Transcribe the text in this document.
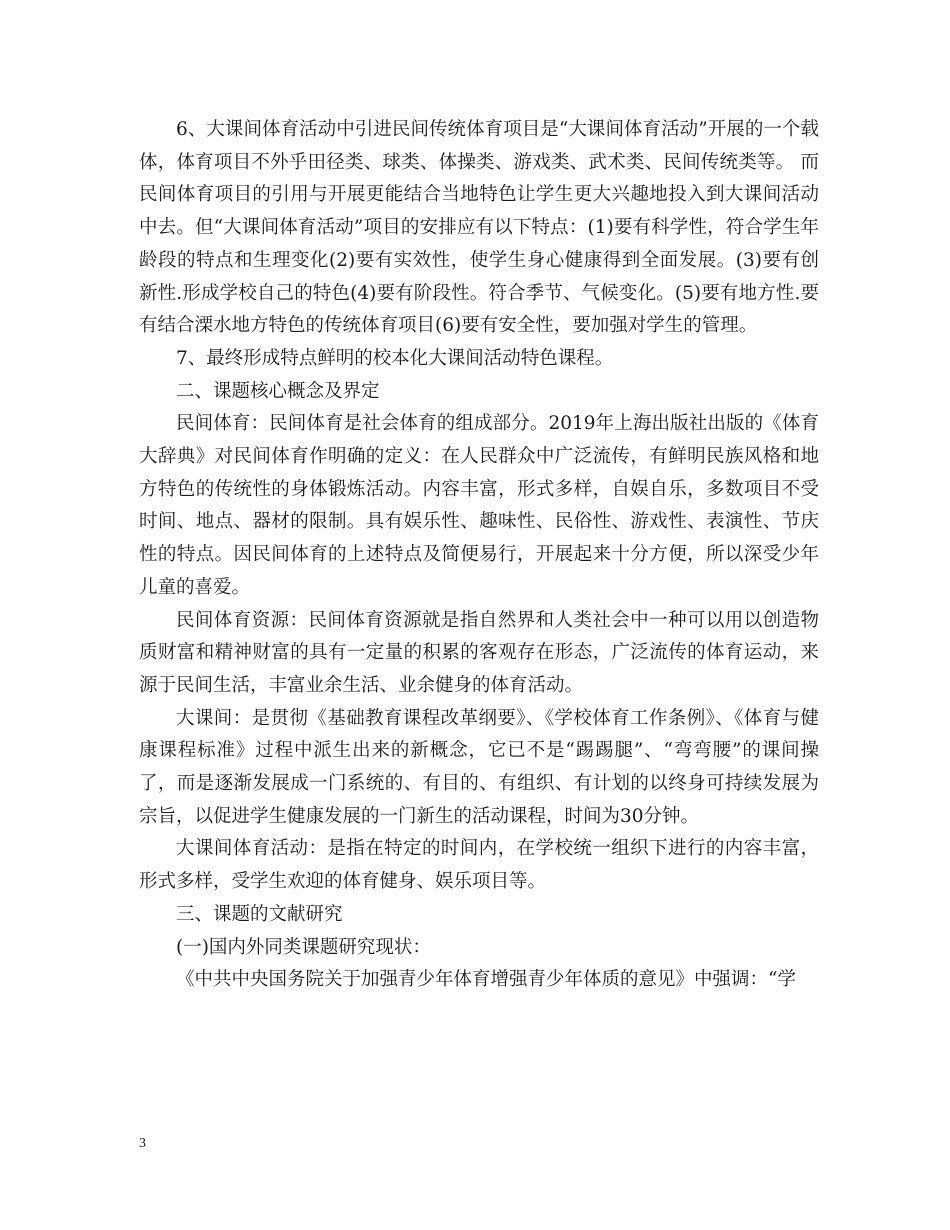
6、大课间体育活动中引进民间传统体育项目是“大课间体育活动”开展的一个载体，体育项目不外乎田径类、球类、体操类、游戏类、武术类、民间传统类等。 而民间体育项目的引用与开展更能结合当地特色让学生更大兴趣地投入到大课间活动中去。但“大课间体育活动”项目的安排应有以下特点：(1)要有科学性，符合学生年龄段的特点和生理变化(2)要有实效性，使学生身心健康得到全面发展。(3)要有创新性.形成学校自己的特色(4)要有阶段性。符合季节、气候变化。(5)要有地方性.要有结合溧水地方特色的传统体育项目(6)要有安全性，要加强对学生的管理。

7、最终形成特点鲜明的校本化大课间活动特色课程。

二、课题核心概念及界定

民间体育：民间体育是社会体育的组成部分。2019年上海出版社出版的《体育大辞典》对民间体育作明确的定义：在人民群众中广泛流传，有鲜明民族风格和地方特色的传统性的身体锻炼活动。内容丰富，形式多样，自娱自乐，多数项目不受时间、地点、器材的限制。具有娱乐性、趣味性、民俗性、游戏性、表演性、节庆性的特点。因民间体育的上述特点及简便易行，开展起来十分方便，所以深受少年儿童的喜爱。

民间体育资源：民间体育资源就是指自然界和人类社会中一种可以用以创造物质财富和精神财富的具有一定量的积累的客观存在形态，广泛流传的体育运动，来源于民间生活，丰富业余生活、业余健身的体育活动。

大课间：是贯彻《基础教育课程改革纲要》、《学校体育工作条例》、《体育与健康课程标准》过程中派生出来的新概念，它已不是“踢踢腿”、“弯弯腰”的课间操了，而是逐渐发展成一门系统的、有目的、有组织、有计划的以终身可持续发展为宗旨，以促进学生健康发展的一门新生的活动课程，时间为30分钟。

大课间体育活动：是指在特定的时间内，在学校统一组织下进行的内容丰富，形式多样，受学生欢迎的体育健身、娱乐项目等。

三、课题的文献研究

(一)国内外同类课题研究现状：

《中共中央国务院关于加强青少年体育增强青少年体质的意见》中强调：“学

3
